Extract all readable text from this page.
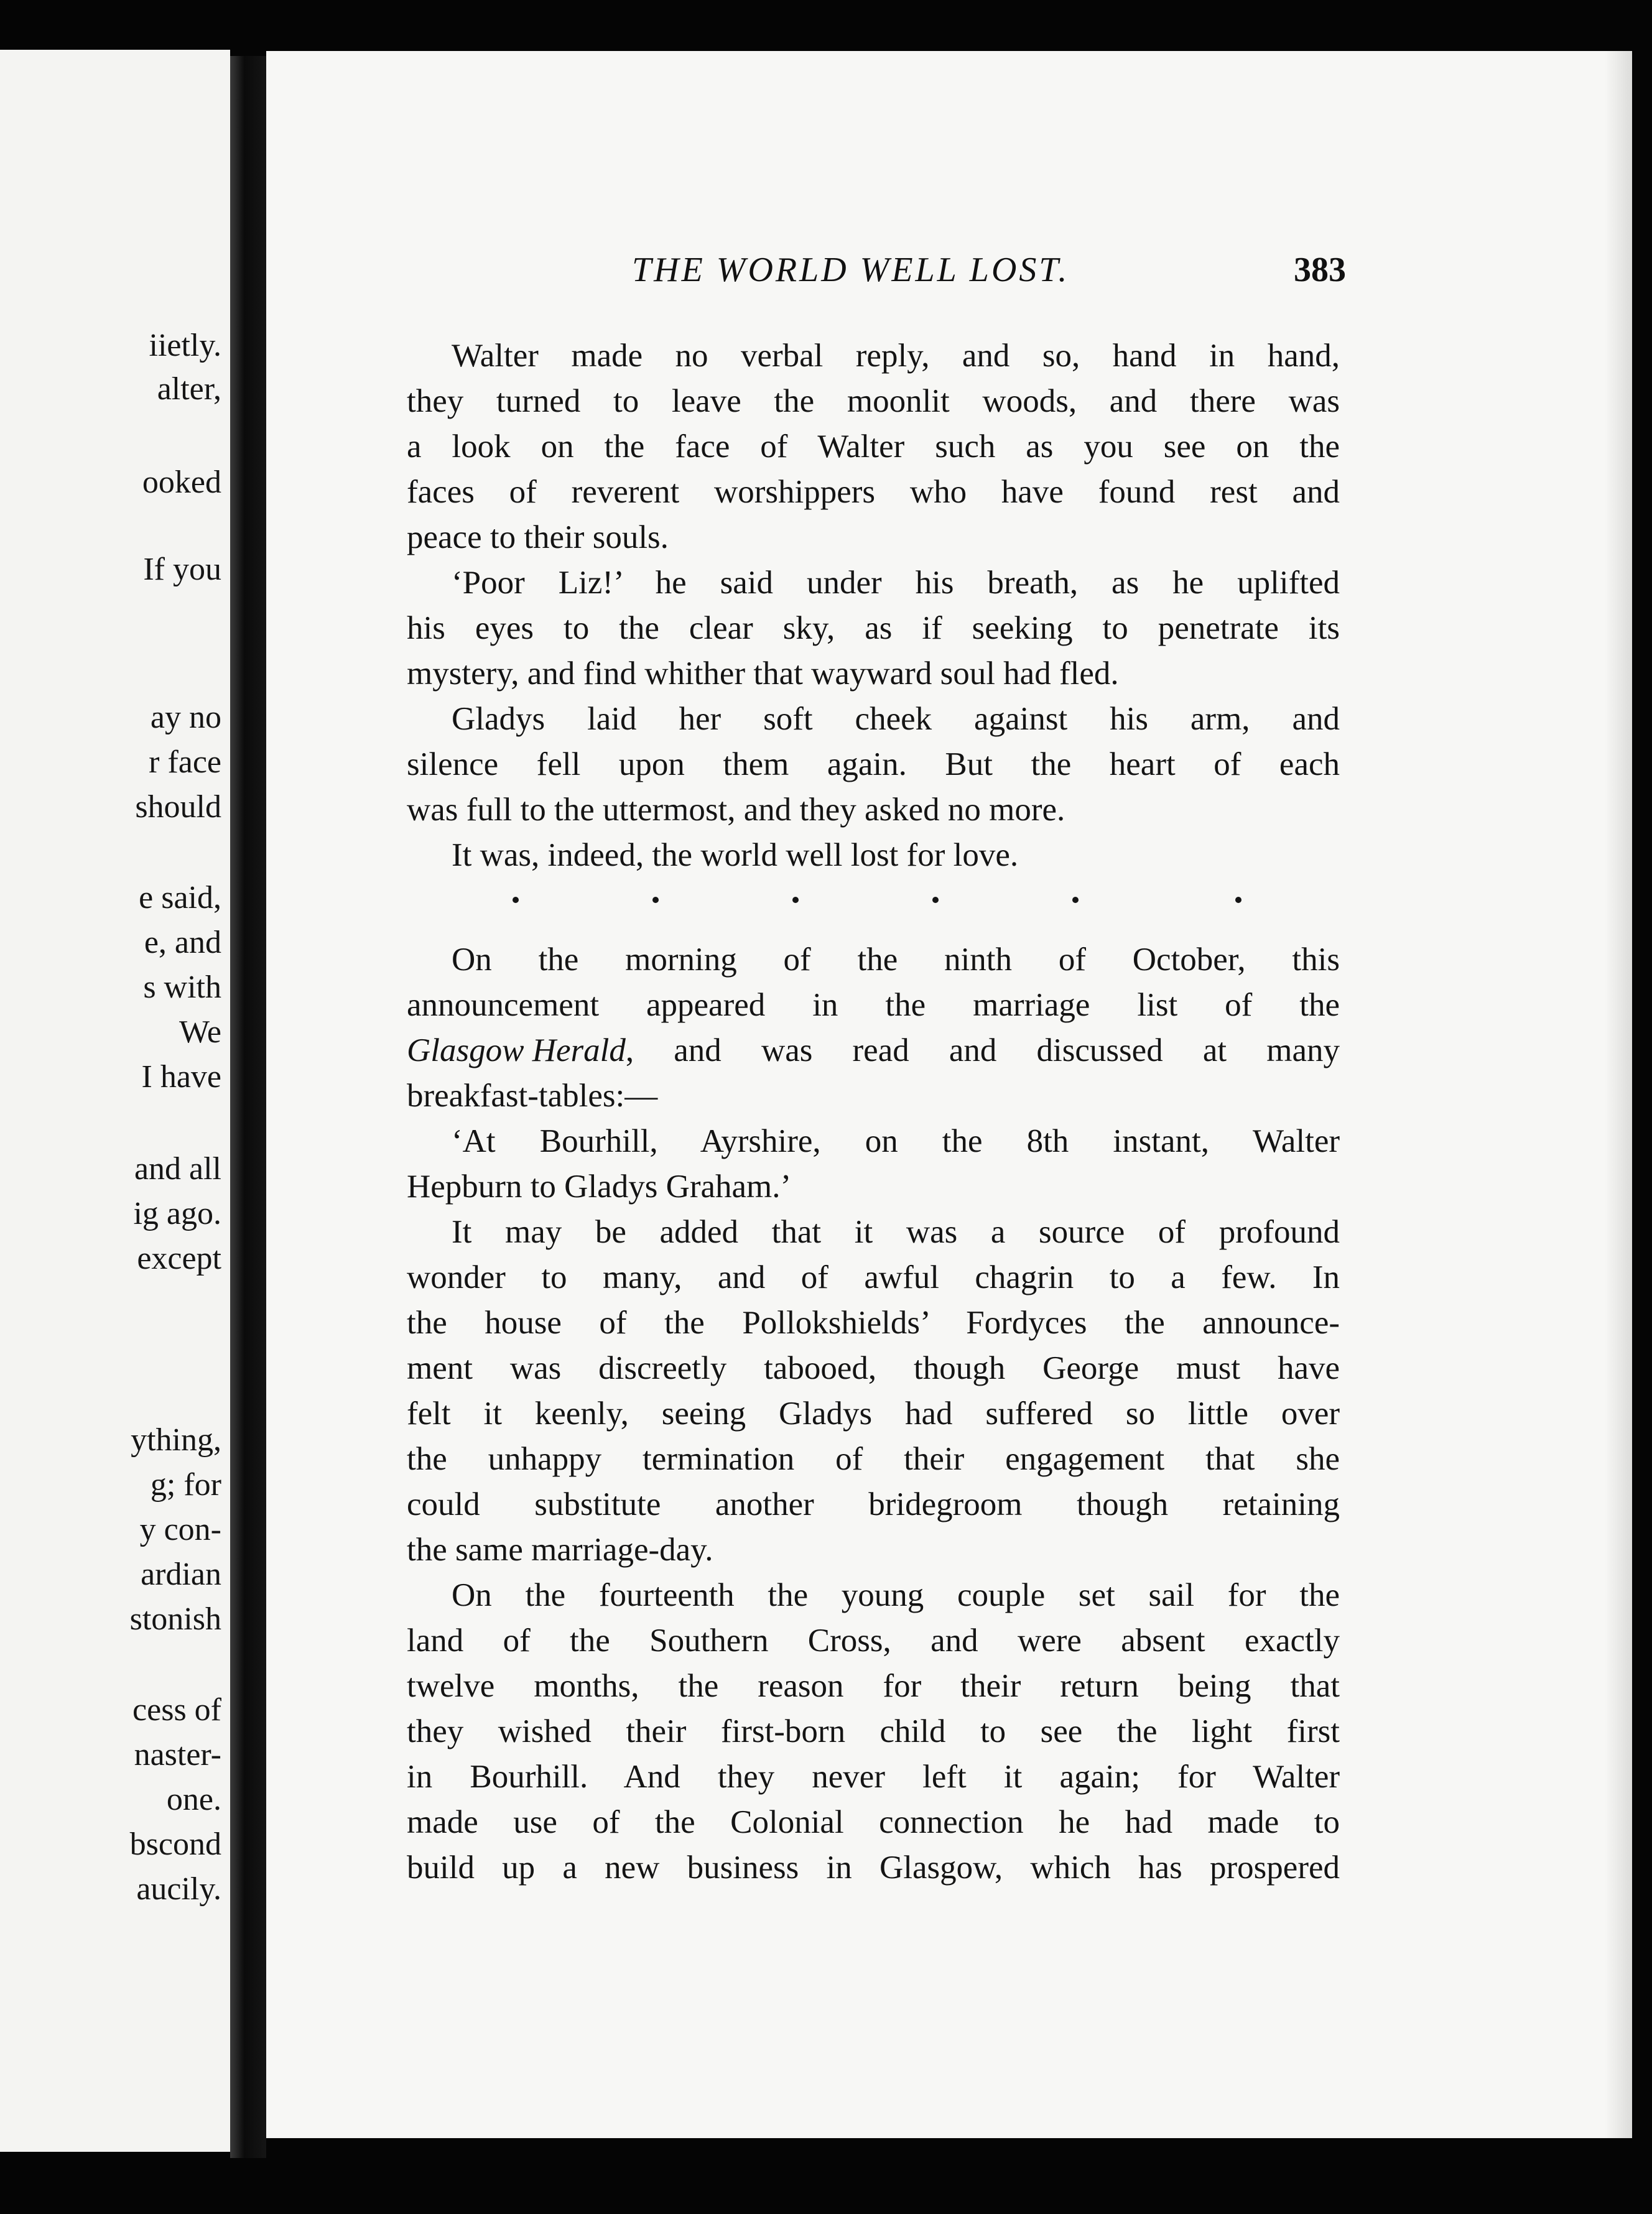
iietly.
alter,
ooked
If you
ay no
r face
should
e said,
e, and
s with
We
I have
and all
ig ago.
except
ything,
g; for
y con-
ardian
stonish
cess of
naster-
one.
bscond
aucily.
THE WORLD WELL LOST.	383
Walter made no verbal reply, and so, hand in hand,
they turned to leave the moonlit woods, and there was
a look on the face of Walter such as you see on the
faces of reverent worshippers who have found rest and
peace to their souls.
‘Poor Liz!’ he said under his breath, as he uplifted
his eyes to the clear sky, as if seeking to penetrate its
mystery, and find whither that wayward soul had fled.
Gladys laid her soft cheek against his arm, and
silence fell upon them again. But the heart of each
was full to the uttermost, and they asked no more.
It was, indeed, the world well lost for love.
On the morning of the ninth of October, this
announcement appeared in the marriage list of the
Glasgow Herald , and was read and discussed at many
breakfast-tables:—
‘At Bourhill, Ayrshire, on the 8th instant, Walter
Hepburn to Gladys Graham.’
It may be added that it was a source of profound
wonder to many, and of awful chagrin to a few. In
the house of the Pollokshields’ Fordyces the announce-
ment was discreetly tabooed, though George must have
felt it keenly, seeing Gladys had suffered so little over
the unhappy termination of their engagement that she
could substitute another bridegroom though retaining
the same marriage-day.
On the fourteenth the young couple set sail for the
land of the Southern Cross, and were absent exactly
twelve months, the reason for their return being that
they wished their first-born child to see the light first
in Bourhill. And they never left it again; for Walter
made use of the Colonial connection he had made to
build up a new business in Glasgow, which has prospered
